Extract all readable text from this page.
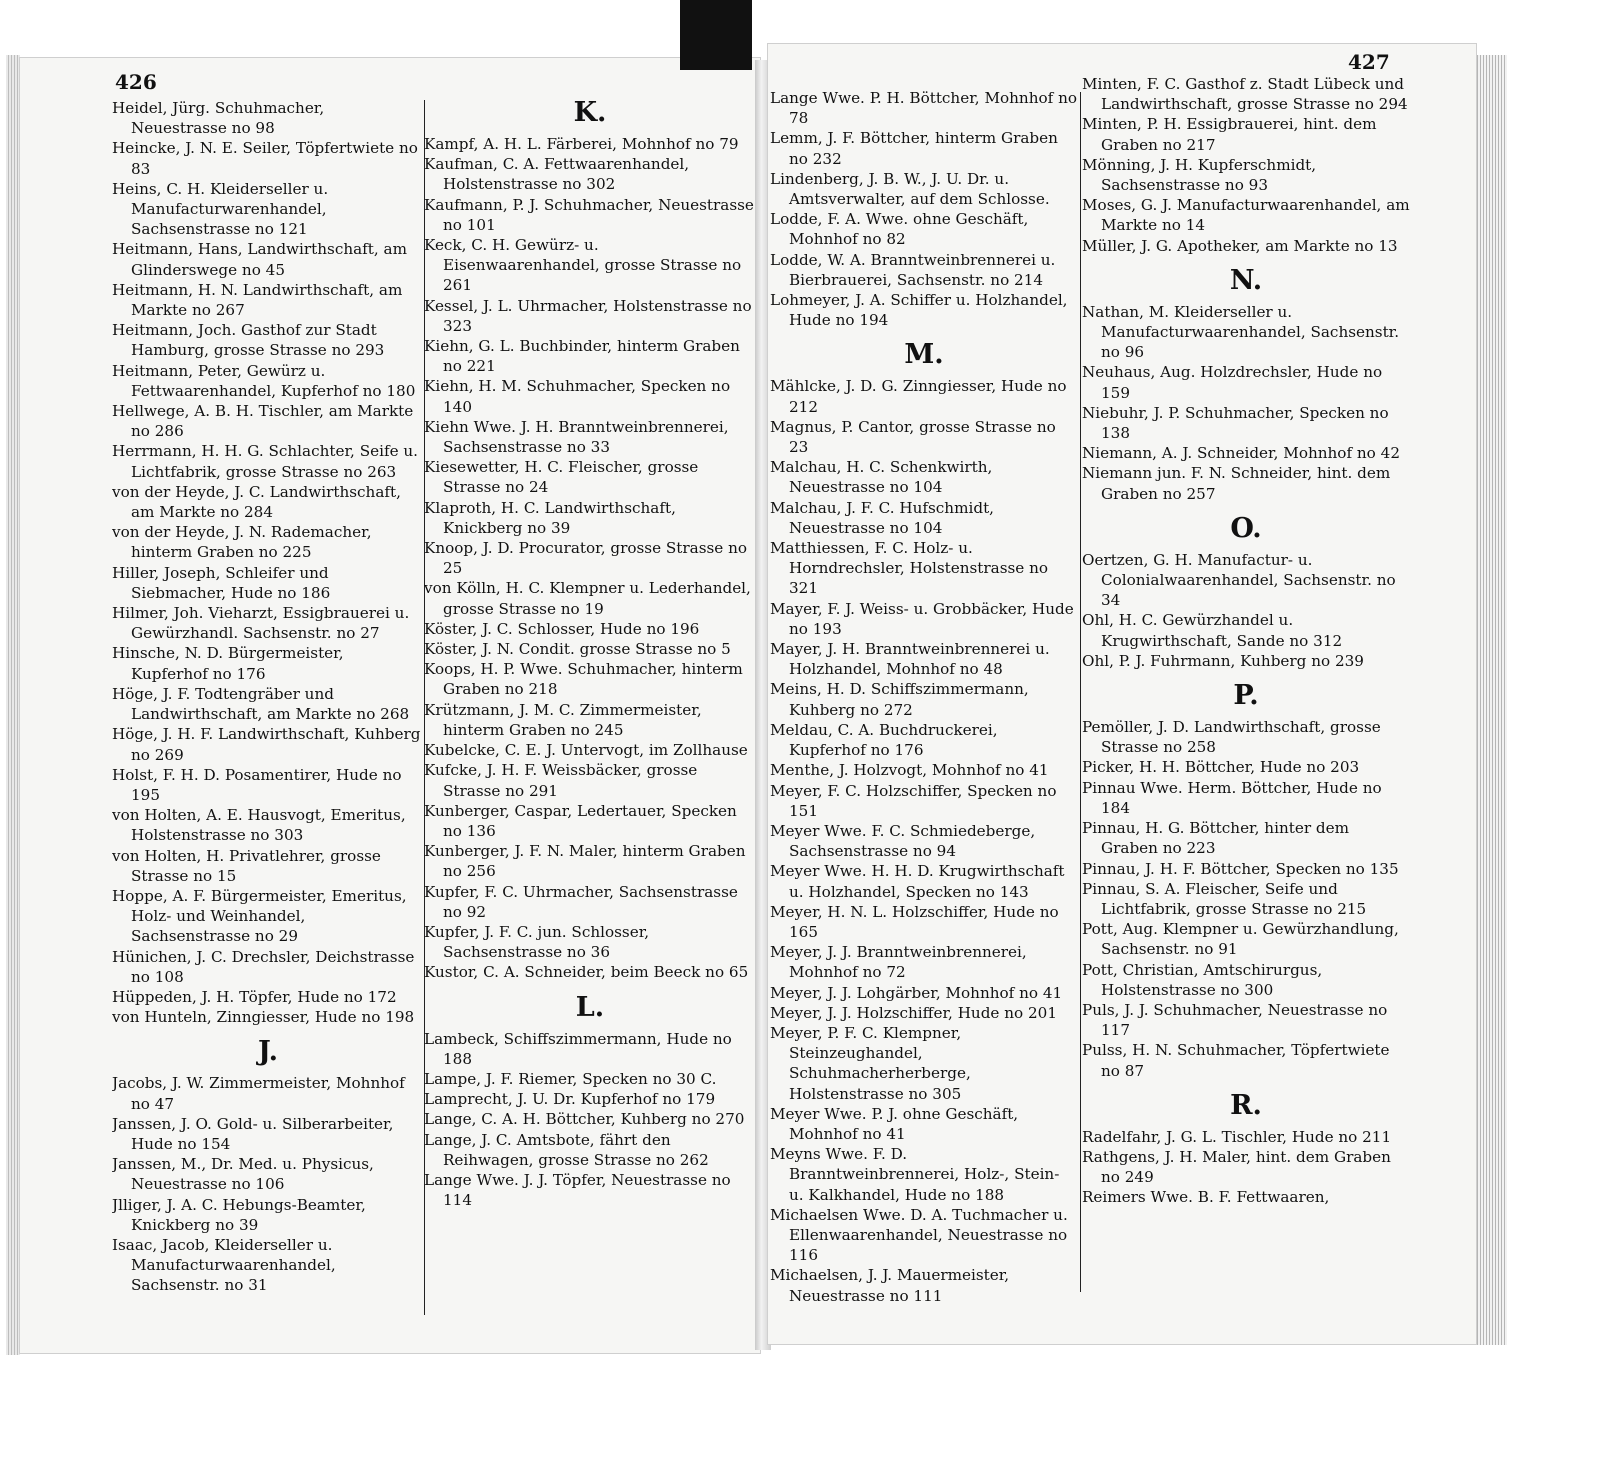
426
Heidel, Jürg. Schuhmacher, Neuestrasse no 98
Heincke, J. N. E. Seiler, Töpfertwiete no 83
Heins, C. H. Kleiderseller u. Manufacturwarenhandel, Sachsenstrasse no 121
Heitmann, Hans, Landwirthschaft, am Glinderswege no 45
Heitmann, H. N. Landwirthschaft, am Markte no 267
Heitmann, Joch. Gasthof zur Stadt Hamburg, grosse Strasse no 293
Heitmann, Peter, Gewürz u. Fettwaarenhandel, Kupferhof no 180
Hellwege, A. B. H. Tischler, am Markte no 286
Herrmann, H. H. G. Schlachter, Seife u. Lichtfabrik, grosse Strasse no 263
von der Heyde, J. C. Landwirthschaft, am Markte no 284
von der Heyde, J. N. Rademacher, hinterm Graben no 225
Hiller, Joseph, Schleifer und Siebmacher, Hude no 186
Hilmer, Joh. Vieharzt, Essigbrauerei u. Gewürzhandl. Sachsenstr. no 27
Hinsche, N. D. Bürgermeister, Kupferhof no 176
Höge, J. F. Todtengräber und Landwirthschaft, am Markte no 268
Höge, J. H. F. Landwirthschaft, Kuhberg no 269
Holst, F. H. D. Posamentirer, Hude no 195
von Holten, A. E. Hausvogt, Emeritus, Holstenstrasse no 303
von Holten, H. Privatlehrer, grosse Strasse no 15
Hoppe, A. F. Bürgermeister, Emeritus, Holz- und Weinhandel, Sachsenstrasse no 29
Hünichen, J. C. Drechsler, Deichstrasse no 108
Hüppeden, J. H. Töpfer, Hude no 172
von Hunteln, Zinngiesser, Hude no 198
J.
Jacobs, J. W. Zimmermeister, Mohnhof no 47
Janssen, J. O. Gold- u. Silberarbeiter, Hude no 154
Janssen, M., Dr. Med. u. Physicus, Neuestrasse no 106
Jlliger, J. A. C. Hebungs-Beamter, Knickberg no 39
Isaac, Jacob, Kleiderseller u. Manufacturwaarenhandel, Sachsenstr. no 31
K.
Kampf, A. H. L. Färberei, Mohnhof no 79
Kaufman, C. A. Fettwaarenhandel, Holstenstrasse no 302
Kaufmann, P. J. Schuhmacher, Neuestrasse no 101
Keck, C. H. Gewürz- u. Eisenwaarenhandel, grosse Strasse no 261
Kessel, J. L. Uhrmacher, Holstenstrasse no 323
Kiehn, G. L. Buchbinder, hinterm Graben no 221
Kiehn, H. M. Schuhmacher, Specken no 140
Kiehn Wwe. J. H. Branntweinbrennerei, Sachsenstrasse no 33
Kiesewetter, H. C. Fleischer, grosse Strasse no 24
Klaproth, H. C. Landwirthschaft, Knickberg no 39
Knoop, J. D. Procurator, grosse Strasse no 25
von Kölln, H. C. Klempner u. Lederhandel, grosse Strasse no 19
Köster, J. C. Schlosser, Hude no 196
Köster, J. N. Condit. grosse Strasse no 5
Koops, H. P. Wwe. Schuhmacher, hinterm Graben no 218
Krützmann, J. M. C. Zimmermeister, hinterm Graben no 245
Kubelcke, C. E. J. Untervogt, im Zollhause
Kufcke, J. H. F. Weissbäcker, grosse Strasse no 291
Kunberger, Caspar, Ledertauer, Specken no 136
Kunberger, J. F. N. Maler, hinterm Graben no 256
Kupfer, F. C. Uhrmacher, Sachsenstrasse no 92
Kupfer, J. F. C. jun. Schlosser, Sachsenstrasse no 36
Kustor, C. A. Schneider, beim Beeck no 65
L.
Lambeck, Schiffszimmermann, Hude no 188
Lampe, J. F. Riemer, Specken no 30 C.
Lamprecht, J. U. Dr. Kupferhof no 179
Lange, C. A. H. Böttcher, Kuhberg no 270
Lange, J. C. Amtsbote, fährt den Reihwagen, grosse Strasse no 262
Lange Wwe. J. J. Töpfer, Neuestrasse no 114
427
Lange Wwe. P. H. Böttcher, Mohnhof no 78
Lemm, J. F. Böttcher, hinterm Graben no 232
Lindenberg, J. B. W., J. U. Dr. u. Amtsverwalter, auf dem Schlosse.
Lodde, F. A. Wwe. ohne Geschäft, Mohnhof no 82
Lodde, W. A. Branntweinbrennerei u. Bierbrauerei, Sachsenstr. no 214
Lohmeyer, J. A. Schiffer u. Holzhandel, Hude no 194
M.
Mählcke, J. D. G. Zinngiesser, Hude no 212
Magnus, P. Cantor, grosse Strasse no 23
Malchau, H. C. Schenkwirth, Neuestrasse no 104
Malchau, J. F. C. Hufschmidt, Neuestrasse no 104
Matthiessen, F. C. Holz- u. Horndrechsler, Holstenstrasse no 321
Mayer, F. J. Weiss- u. Grobbäcker, Hude no 193
Mayer, J. H. Branntweinbrennerei u. Holzhandel, Mohnhof no 48
Meins, H. D. Schiffszimmermann, Kuhberg no 272
Meldau, C. A. Buchdruckerei, Kupferhof no 176
Menthe, J. Holzvogt, Mohnhof no 41
Meyer, F. C. Holzschiffer, Specken no 151
Meyer Wwe. F. C. Schmiedeberge, Sachsenstrasse no 94
Meyer Wwe. H. H. D. Krugwirthschaft u. Holzhandel, Specken no 143
Meyer, H. N. L. Holzschiffer, Hude no 165
Meyer, J. J. Branntweinbrennerei, Mohnhof no 72
Meyer, J. J. Lohgärber, Mohnhof no 41
Meyer, J. J. Holzschiffer, Hude no 201
Meyer, P. F. C. Klempner, Steinzeughandel, Schuhmacherherberge, Holstenstrasse no 305
Meyer Wwe. P. J. ohne Geschäft, Mohnhof no 41
Meyns Wwe. F. D. Branntweinbrennerei, Holz-, Stein- u. Kalkhandel, Hude no 188
Michaelsen Wwe. D. A. Tuchmacher u. Ellenwaarenhandel, Neuestrasse no 116
Michaelsen, J. J. Mauermeister, Neuestrasse no 111
Minten, F. C. Gasthof z. Stadt Lübeck und Landwirthschaft, grosse Strasse no 294
Minten, P. H. Essigbrauerei, hint. dem Graben no 217
Mönning, J. H. Kupferschmidt, Sachsenstrasse no 93
Moses, G. J. Manufacturwaarenhandel, am Markte no 14
Müller, J. G. Apotheker, am Markte no 13
N.
Nathan, M. Kleiderseller u. Manufacturwaarenhandel, Sachsenstr. no 96
Neuhaus, Aug. Holzdrechsler, Hude no 159
Niebuhr, J. P. Schuhmacher, Specken no 138
Niemann, A. J. Schneider, Mohnhof no 42
Niemann jun. F. N. Schneider, hint. dem Graben no 257
O.
Oertzen, G. H. Manufactur- u. Colonialwaarenhandel, Sachsenstr. no 34
Ohl, H. C. Gewürzhandel u. Krugwirthschaft, Sande no 312
Ohl, P. J. Fuhrmann, Kuhberg no 239
P.
Pemöller, J. D. Landwirthschaft, grosse Strasse no 258
Picker, H. H. Böttcher, Hude no 203
Pinnau Wwe. Herm. Böttcher, Hude no 184
Pinnau, H. G. Böttcher, hinter dem Graben no 223
Pinnau, J. H. F. Böttcher, Specken no 135
Pinnau, S. A. Fleischer, Seife und Lichtfabrik, grosse Strasse no 215
Pott, Aug. Klempner u. Gewürzhandlung, Sachsenstr. no 91
Pott, Christian, Amtschirurgus, Holstenstrasse no 300
Puls, J. J. Schuhmacher, Neuestrasse no 117
Pulss, H. N. Schuhmacher, Töpfertwiete no 87
R.
Radelfahr, J. G. L. Tischler, Hude no 211
Rathgens, J. H. Maler, hint. dem Graben no 249
Reimers Wwe. B. F. Fettwaaren,
